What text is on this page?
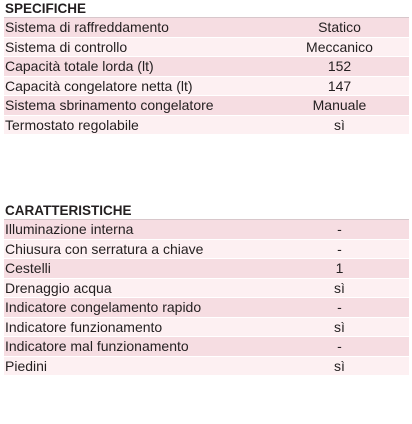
SPECIFICHE
Sistema di raffreddamento	Statico
Sistema di controllo	Meccanico
Capacità totale lorda (lt)	152
Capacità congelatore netta (lt)	147
Sistema sbrinamento congelatore	Manuale
Termostato regolabile	sì
CARATTERISTICHE
Illuminazione interna	-
Chiusura con serratura a chiave	-
Cestelli	1
Drenaggio acqua	sì
Indicatore congelamento rapido	-
Indicatore funzionamento	sì
Indicatore mal funzionamento	-
Piedini	sì
